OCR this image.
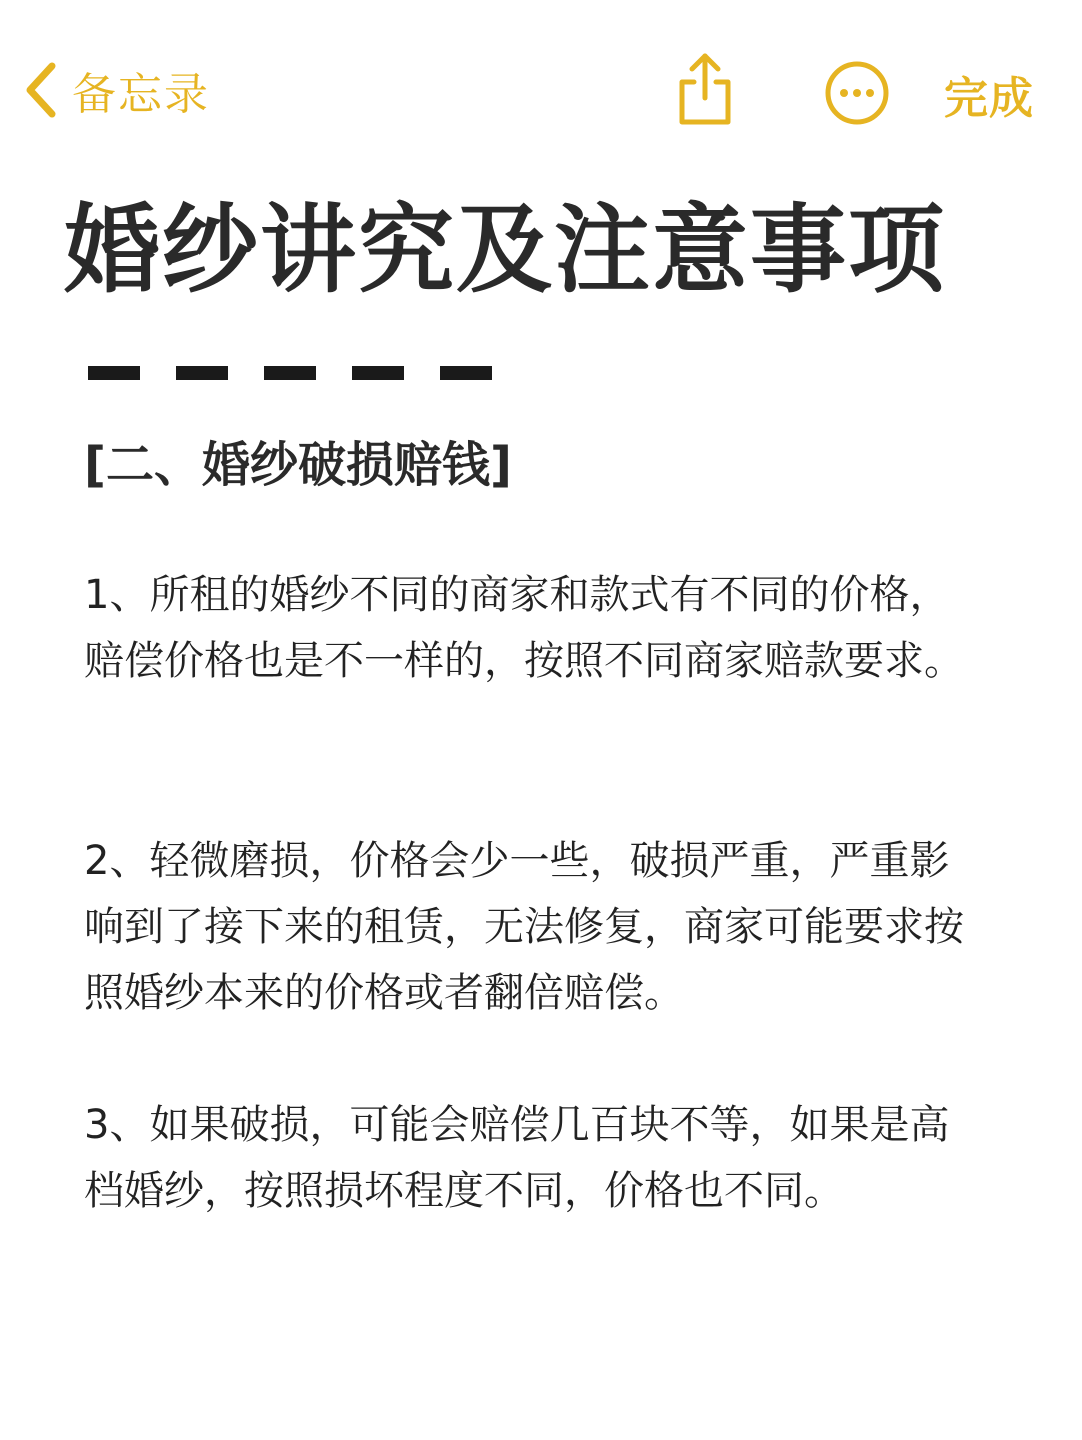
备忘录	完成
婚纱讲究及注意事项
[二、婚纱破损赔钱]
1、所租的婚纱不同的商家和款式有不同的价格，赔偿价格也是不一样的，按照不同商家赔款要求。
2、轻微磨损，价格会少一些，破损严重，严重影响到了接下来的租赁，无法修复，商家可能要求按照婚纱本来的价格或者翻倍赔偿。
3、如果破损，可能会赔偿几百块不等，如果是高档婚纱，按照损坏程度不同，价格也不同。
